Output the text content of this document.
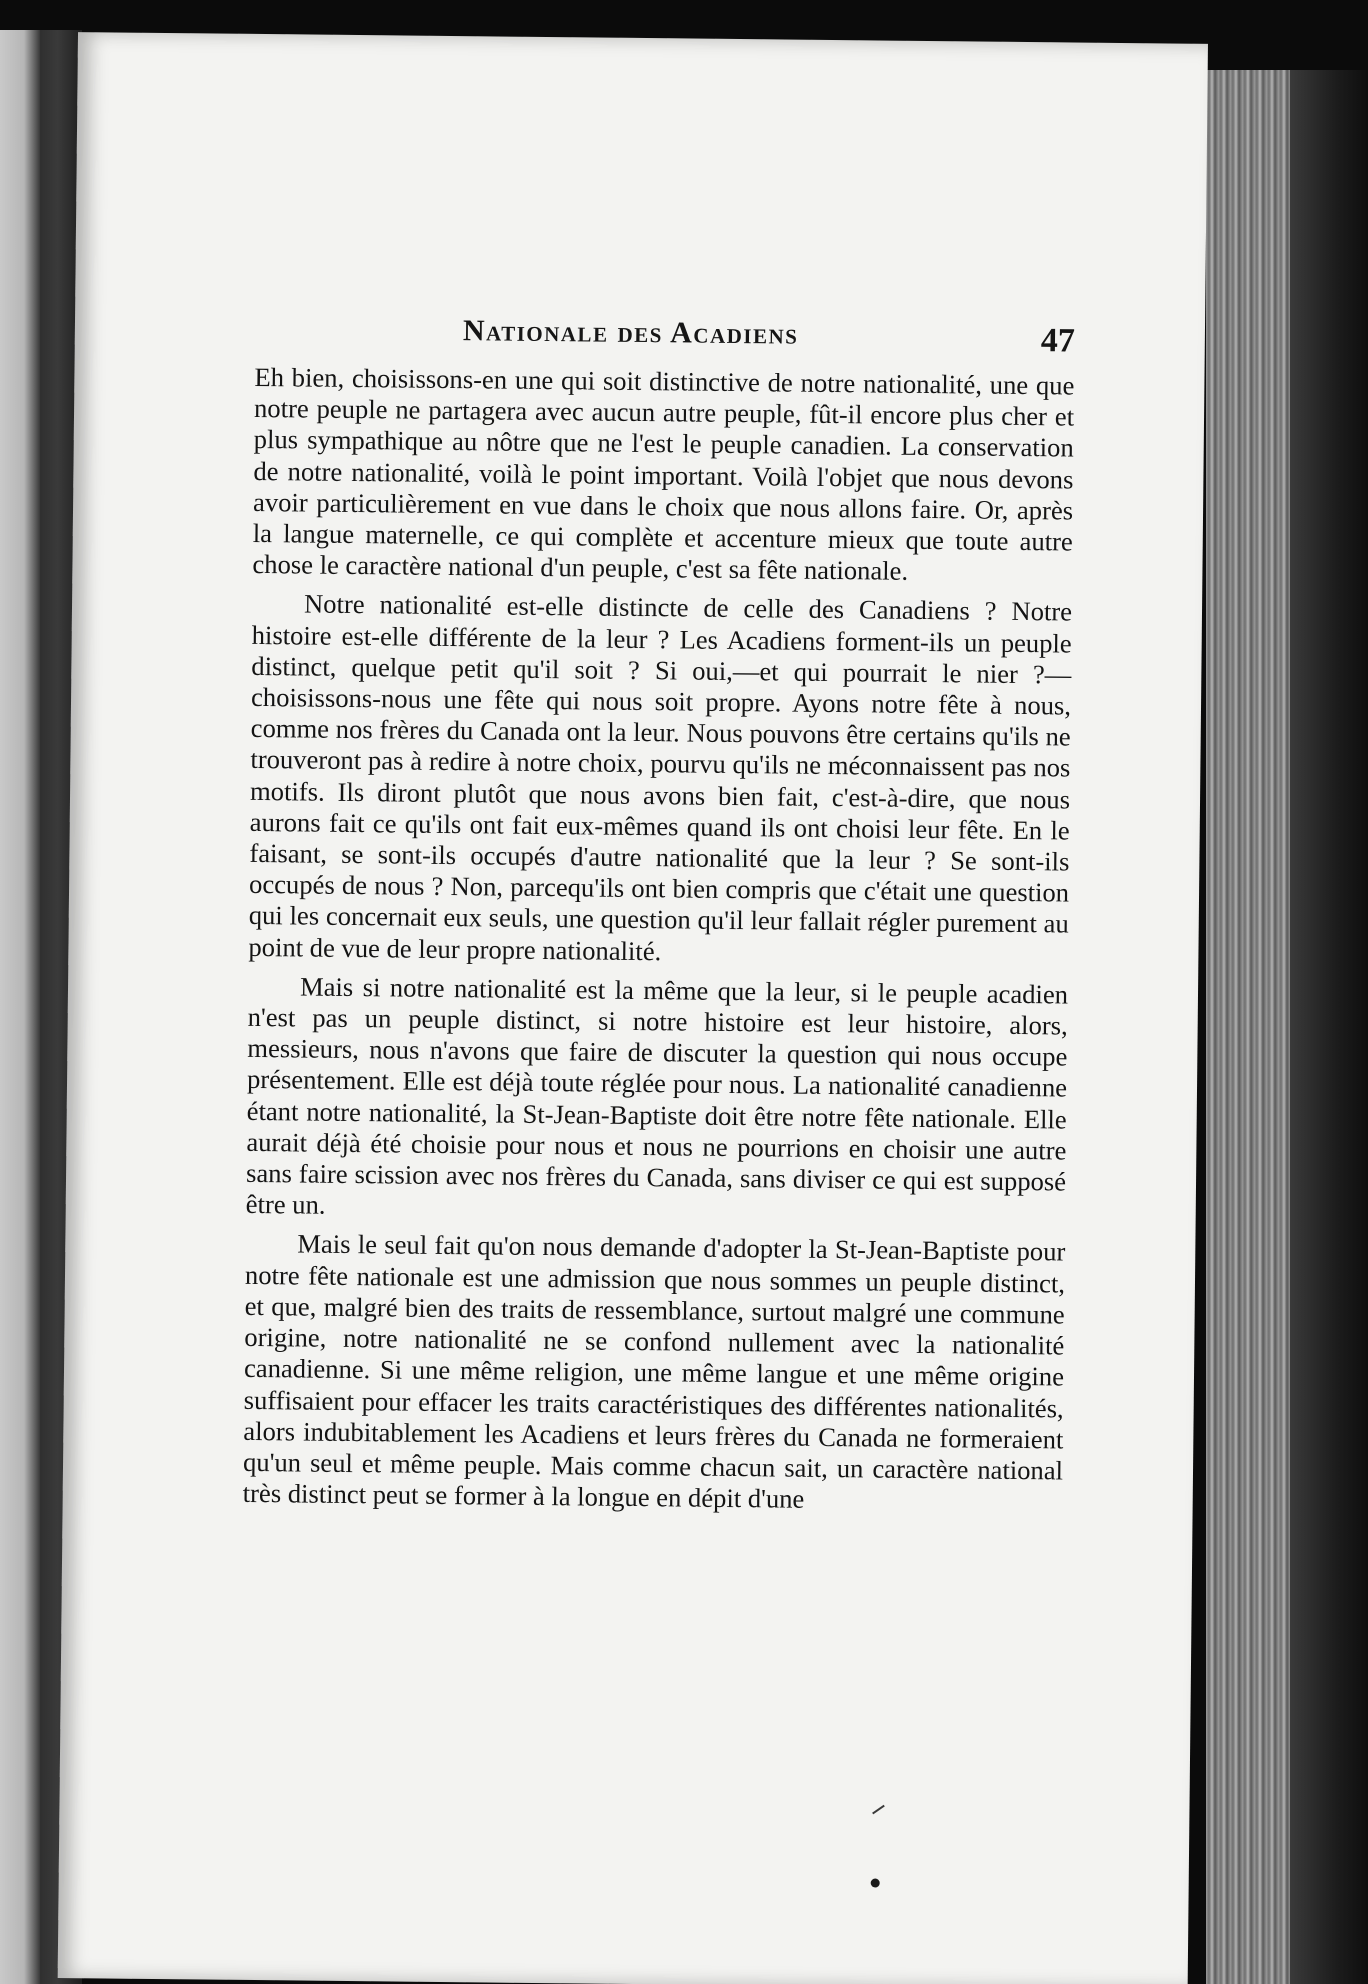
Nationale des Acadiens	47

Eh bien, choisissons-en une qui soit distinctive de notre nationalité, une que notre peuple ne partagera avec aucun autre peuple, fût-il encore plus cher et plus sympathique au nôtre que ne l'est le peuple canadien. La conservation de notre nationalité, voilà le point important. Voilà l'objet que nous devons avoir particulièrement en vue dans le choix que nous allons faire. Or, après la langue maternelle, ce qui complète et accenture mieux que toute autre chose le caractère national d'un peuple, c'est sa fête nationale.

Notre nationalité est-elle distincte de celle des Canadiens ? Notre histoire est-elle différente de la leur ? Les Acadiens forment-ils un peuple distinct, quelque petit qu'il soit ? Si oui,—et qui pourrait le nier ?—choisissons-nous une fête qui nous soit propre. Ayons notre fête à nous, comme nos frères du Canada ont la leur. Nous pouvons être certains qu'ils ne trouveront pas à redire à notre choix, pourvu qu'ils ne méconnaissent pas nos motifs. Ils diront plutôt que nous avons bien fait, c'est-à-dire, que nous aurons fait ce qu'ils ont fait eux-mêmes quand ils ont choisi leur fête. En le faisant, se sont-ils occupés d'autre nationalité que la leur ? Se sont-ils occupés de nous ? Non, parcequ'ils ont bien compris que c'était une question qui les concernait eux seuls, une question qu'il leur fallait régler purement au point de vue de leur propre nationalité.

Mais si notre nationalité est la même que la leur, si le peuple acadien n'est pas un peuple distinct, si notre histoire est leur histoire, alors, messieurs, nous n'avons que faire de discuter la question qui nous occupe présentement. Elle est déjà toute réglée pour nous. La nationalité canadienne étant notre nationalité, la St-Jean-Baptiste doit être notre fête nationale. Elle aurait déjà été choisie pour nous et nous ne pourrions en choisir une autre sans faire scission avec nos frères du Canada, sans diviser ce qui est supposé être un.

Mais le seul fait qu'on nous demande d'adopter la St-Jean-Baptiste pour notre fête nationale est une admission que nous sommes un peuple distinct, et que, malgré bien des traits de ressemblance, surtout malgré une commune origine, notre nationalité ne se confond nullement avec la nationalité canadienne. Si une même religion, une même langue et une même origine suffisaient pour effacer les traits caractéristiques des différentes nationalités, alors indubitablement les Acadiens et leurs frères du Canada ne formeraient qu'un seul et même peuple. Mais comme chacun sait, un caractère national très distinct peut se former à la longue en dépit d'une
